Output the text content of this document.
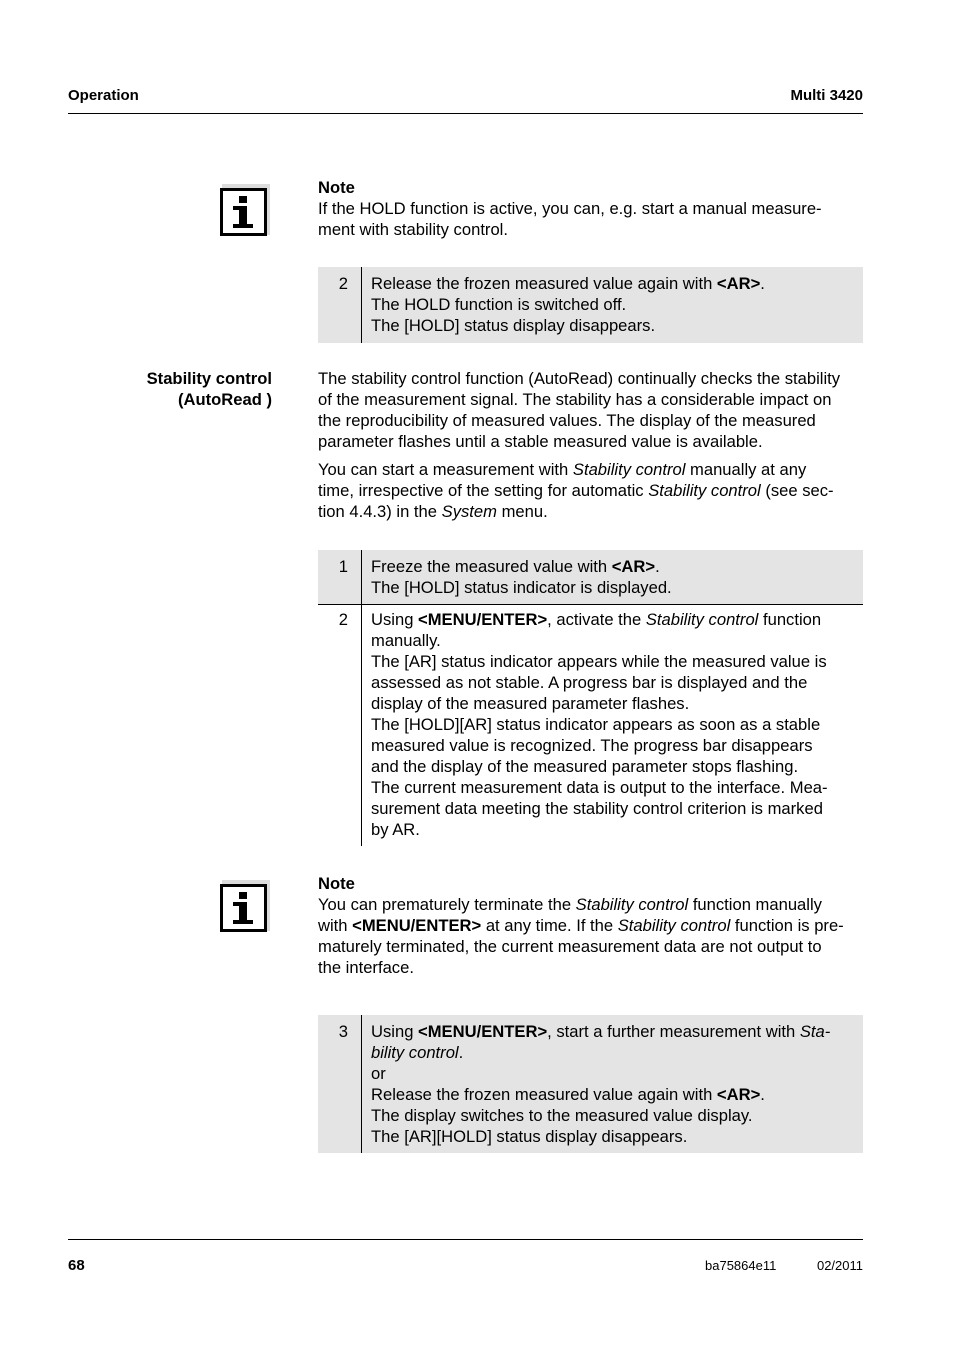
Operation	Multi 3420
Note
If the HOLD function is active, you can, e.g. start a manual measure-
ment with stability control.
2 Release the frozen measured value again with <AR>.
The HOLD function is switched off.
The [HOLD] status display disappears.
Stability control
(AutoRead )
The stability control function (AutoRead) continually checks the stability
of the measurement signal. The stability has a considerable impact on
the reproducibility of measured values. The display of the measured
parameter flashes until a stable measured value is available.
You can start a measurement with Stability control manually at any
time, irrespective of the setting for automatic Stability control (see sec-
tion 4.4.3) in the System menu.
1 Freeze the measured value with <AR>.
The [HOLD] status indicator is displayed.
2 Using <MENU/ENTER>, activate the Stability control function
manually.
The [AR] status indicator appears while the measured value is
assessed as not stable. A progress bar is displayed and the
display of the measured parameter flashes.
The [HOLD][AR] status indicator appears as soon as a stable
measured value is recognized. The progress bar disappears
and the display of the measured parameter stops flashing.
The current measurement data is output to the interface. Mea-
surement data meeting the stability control criterion is marked
by AR.
Note
You can prematurely terminate the Stability control function manually
with <MENU/ENTER> at any time. If the Stability control function is pre-
maturely terminated, the current measurement data are not output to
the interface.
3 Using <MENU/ENTER>, start a further measurement with Sta-
bility control.
or
Release the frozen measured value again with <AR>.
The display switches to the measured value display.
The [AR][HOLD] status display disappears.
68	ba75864e11	02/2011
